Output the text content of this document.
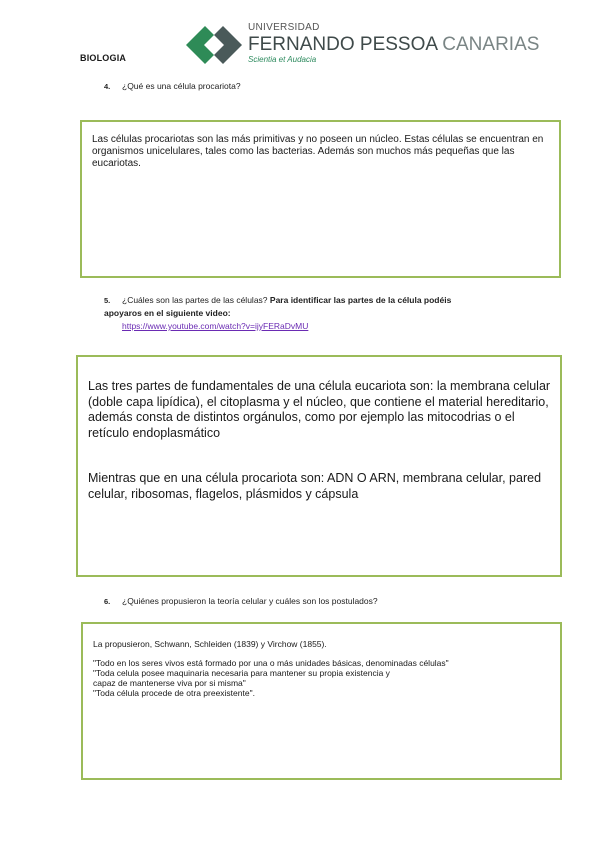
BIOLOGIA
UNIVERSIDAD
FERNANDO PESSOA CANARIAS
Scientia et Audacia
4. ¿Qué es una célula procariota?

Las células procariotas son las más primitivas y no poseen un núcleo. Estas células se encuentran en organismos unicelulares, tales como las bacterias. Además son muchos más pequeñas que las eucariotas.

5. ¿Cuáles son las partes de las células? Para identificar las partes de la célula podéis apoyaros en el siguiente video:
https://www.youtube.com/watch?v=ijyFERaDvMU

Las tres partes de fundamentales de una célula eucariota son: la membrana celular (doble capa lipídica), el citoplasma y el núcleo, que contiene el material hereditario, además consta de distintos orgánulos, como por ejemplo las mitocodrias o el retículo endoplasmático

Mientras que en una célula procariota son: ADN O ARN, membrana celular, pared celular, ribosomas, flagelos, plásmidos y cápsula

6. ¿Quiénes propusieron la teoría celular y cuáles son los postulados?

La propusieron, Schwann, Schleiden (1839) y Virchow (1855).

"Todo en los seres vivos está formado por una o más unidades básicas, denominadas células"

"Toda celula posee maquinaria necesaria para mantener su propia existencia y

capaz de mantenerse viva por si misma"

"Toda célula procede de otra preexistente".
